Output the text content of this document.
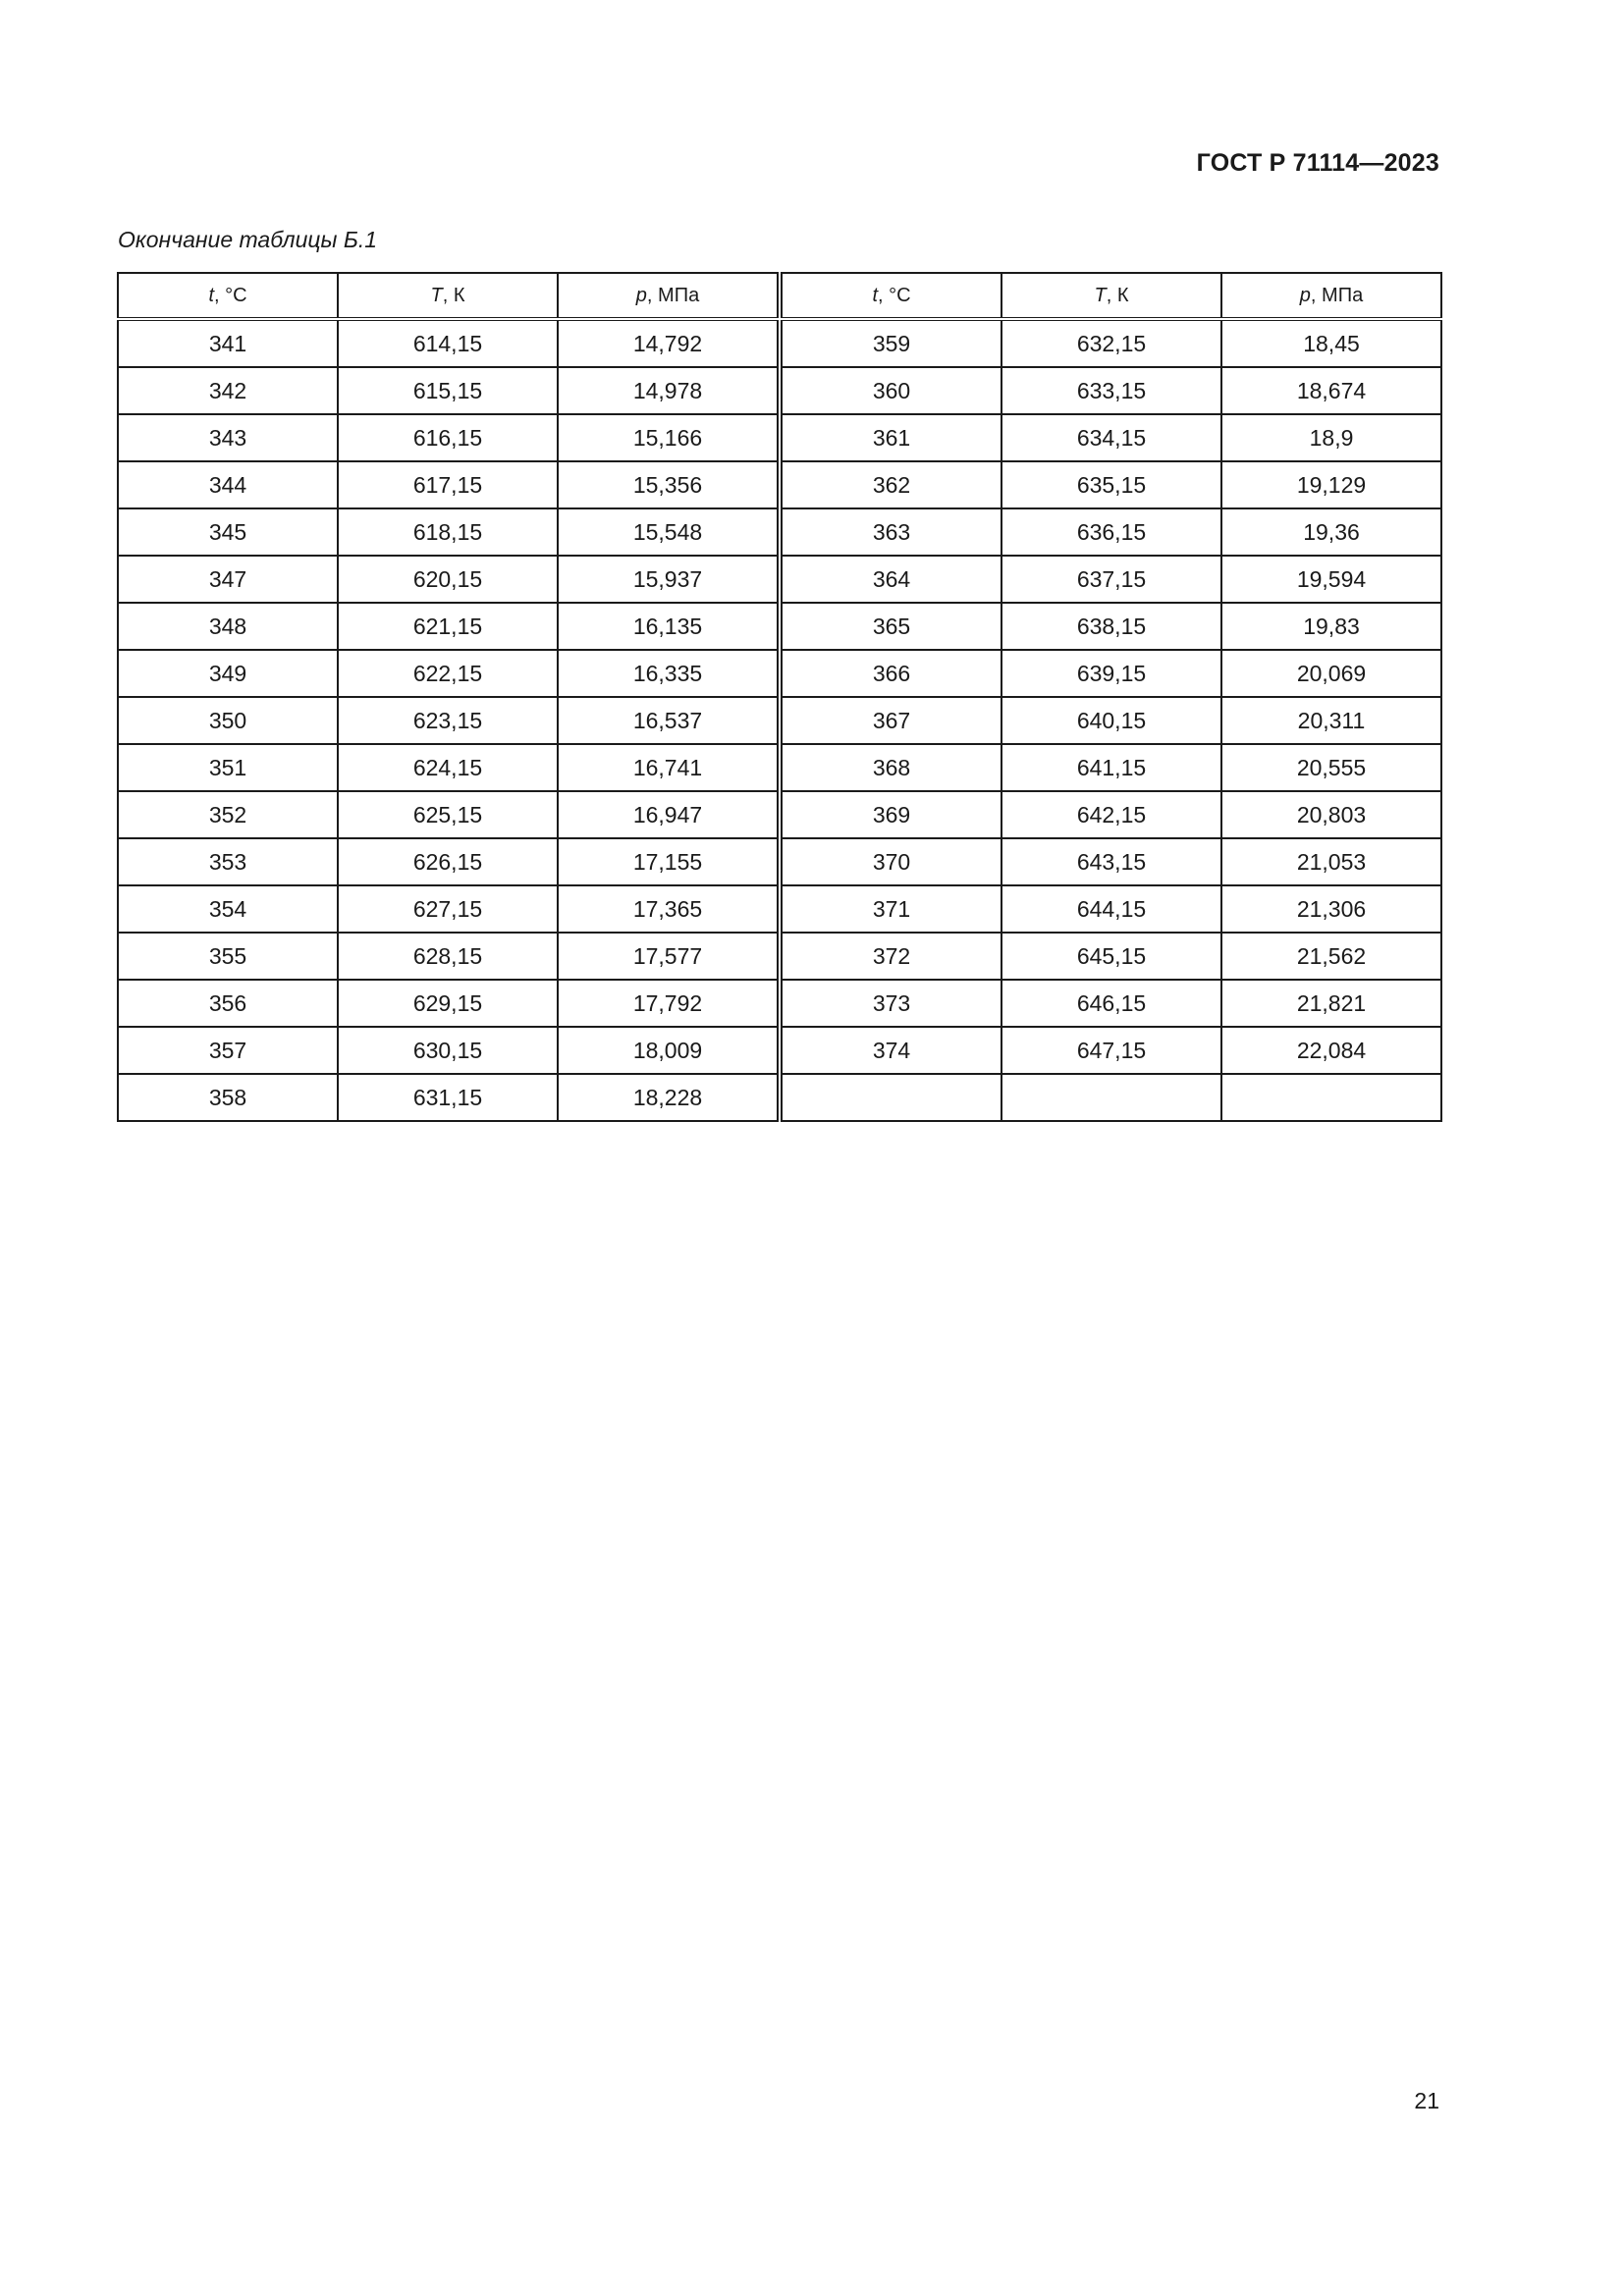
ГОСТ Р 71114—2023
Окончание таблицы Б.1
t, °С	T, К	p, МПа
341	614,15	14,792
342	615,15	14,978
343	616,15	15,166
344	617,15	15,356
345	618,15	15,548
347	620,15	15,937
348	621,15	16,135
349	622,15	16,335
350	623,15	16,537
351	624,15	16,741
352	625,15	16,947
353	626,15	17,155
354	627,15	17,365
355	628,15	17,577
356	629,15	17,792
357	630,15	18,009
358	631,15	18,228
t, °С	T, К	p, МПа
359	632,15	18,45
360	633,15	18,674
361	634,15	18,9
362	635,15	19,129
363	636,15	19,36
364	637,15	19,594
365	638,15	19,83
366	639,15	20,069
367	640,15	20,311
368	641,15	20,555
369	642,15	20,803
370	643,15	21,053
371	644,15	21,306
372	645,15	21,562
373	646,15	21,821
374	647,15	22,084

21
